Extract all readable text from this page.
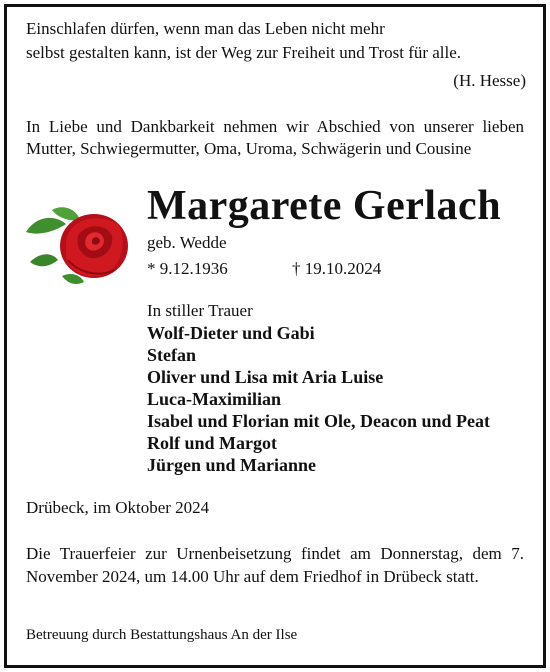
Einschlafen dürfen, wenn man das Leben nicht mehr

selbst gestalten kann, ist der Weg zur Freiheit und Trost für alle.

(H. Hesse)

In Liebe und Dankbarkeit nehmen wir Abschied von unserer lieben Mutter, Schwiegermutter, Oma, Uroma, Schwägerin und Cousine

Margarete Gerlach

geb. Wedde

* 9.12.1936	† 19.10.2024

In stiller Trauer

Wolf-Dieter und Gabi

Stefan

Oliver und Lisa mit Aria Luise

Luca-Maximilian

Isabel und Florian mit Ole, Deacon und Peat

Rolf und Margot

Jürgen und Marianne

Drübeck, im Oktober 2024

Die Trauerfeier zur Urnenbeisetzung findet am Donnerstag, dem 7. November 2024, um 14.00 Uhr auf dem Friedhof in Drübeck statt.

Betreuung durch Bestattungshaus An der Ilse
